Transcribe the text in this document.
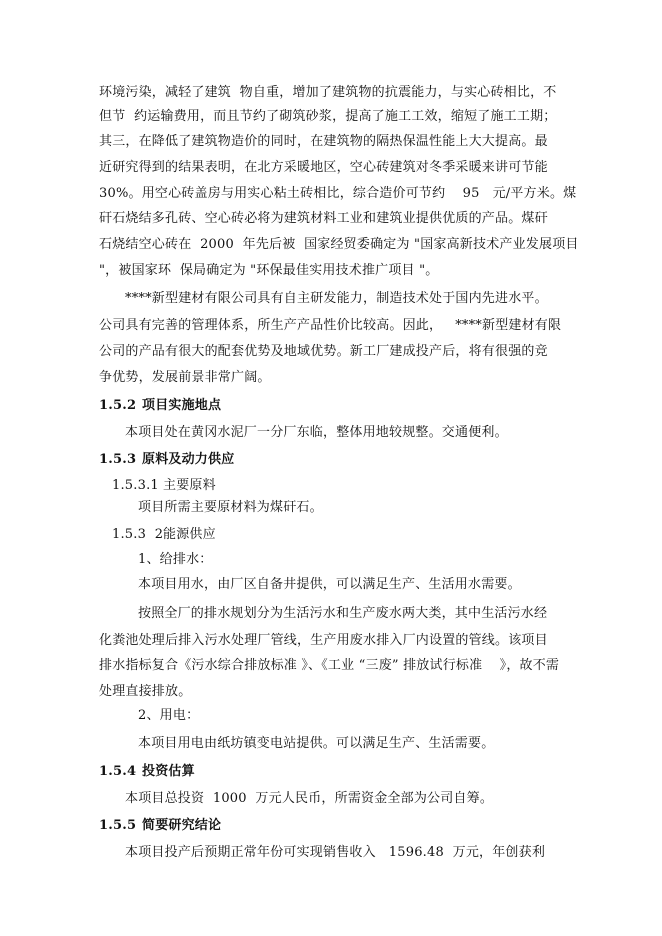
环境污染，减轻了建筑  物自重，增加了建筑物的抗震能力，与实心砖相比，不
但节  约运输费用，而且节约了砌筑砂浆，提高了施工工效，缩短了施工工期；
其三，在降低了建筑物造价的同时，在建筑物的隔热保温性能上大大提高。最
近研究得到的结果表明，在北方采暖地区，空心砖建筑对冬季采暖来讲可节能
30%。用空心砖盖房与用实心粘土砖相比，综合造价可节约    95   元/平方米。煤
矸石烧结多孔砖、空心砖必将为建筑材料工业和建筑业提供优质的产品。煤矸
石烧结空心砖在  2000  年先后被  国家经贸委确定为 "国家高新技术产业发展项目
"，被国家环  保局确定为 "环保最佳实用技术推广项目 "。
****新型建材有限公司具有自主研发能力，制造技术处于国内先进水平。
公司具有完善的管理体系，所生产产品性价比较高。因此，   ****新型建材有限
公司的产品有很大的配套优势及地域优势。新工厂建成投产后，将有很强的竞
争优势，发展前景非常广阔。
1.5.2 项目实施地点
本项目处在黄冈水泥厂一分厂东临，整体用地较规整。交通便利。
1.5.3 原料及动力供应
1.5.3.1 主要原料
项目所需主要原材料为煤矸石。
1.5.3  2 能源供应
1、给排水：
本项目用水，由厂区自备井提供，可以满足生产、生活用水需要。
按照全厂的排水规划分为生活污水和生产废水两大类，其中生活污水经
化粪池处理后排入污水处理厂管线，生产用废水排入厂内设置的管线。该项目
排水指标复合《污水综合排放标准 》、《工业 “三废” 排放试行标准    》，故不需
处理直接排放。
2、用电：
本项目用电由纸坊镇变电站提供。可以满足生产、生活需要。
1.5.4 投资估算
本项目总投资  1000  万元人民币，所需资金全部为公司自筹。
1.5.5 简要研究结论
本项目投产后预期正常年份可实现销售收入   1596.48  万元，年创获利
